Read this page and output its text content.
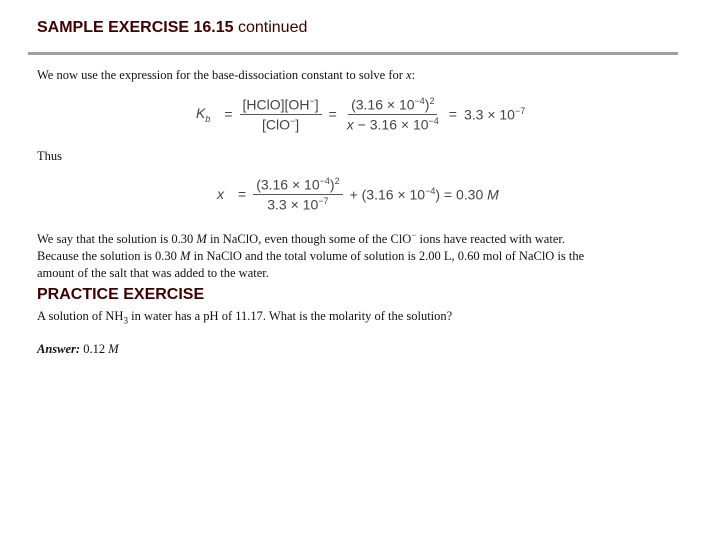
SAMPLE EXERCISE 16.15 continued
We now use the expression for the base-dissociation constant to solve for x:
$K_b = \frac{[HClO][OH^-]}{[ClO^-]} = \frac{(3.16 \times 10^{-4})^2}{x - 3.16 \times 10^{-4}} = 3.3 \times 10^{-7}$
Thus
$x = \frac{(3.16 \times 10^{-4})^2}{3.3 \times 10^{-7}} + (3.16 \times 10^{-4}) = 0.30$ M
We say that the solution is 0.30 M in NaClO, even though some of the ClO− ions have reacted with water.
Because the solution is 0.30 M in NaClO and the total volume of solution is 2.00 L, 0.60 mol of NaClO is the
amount of the salt that was added to the water.
PRACTICE EXERCISE
A solution of $NH_3$ in water has a pH of 11.17. What is the molarity of the solution?
Answer: 0.12 M
